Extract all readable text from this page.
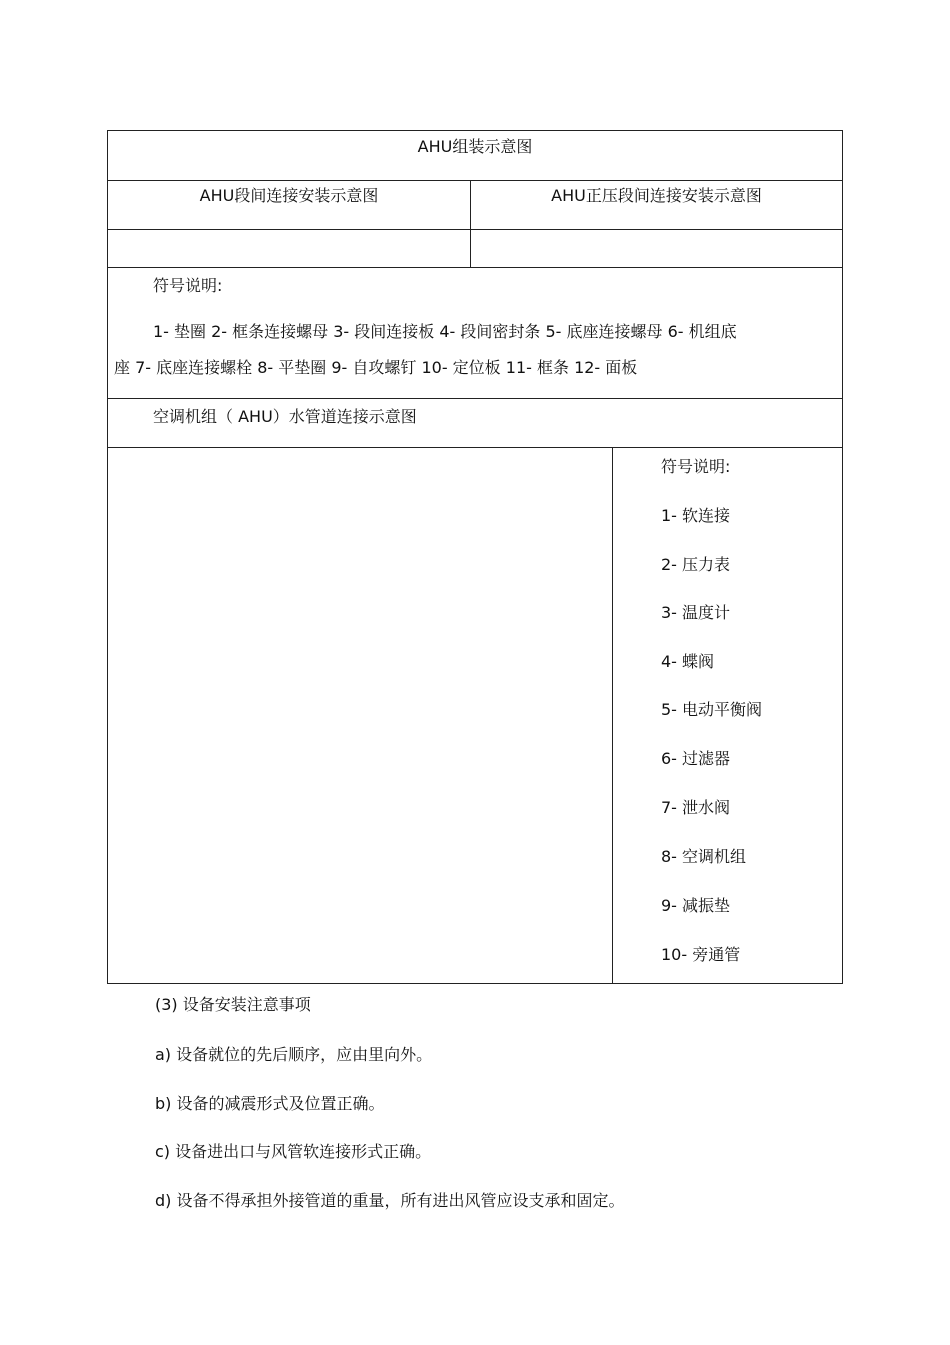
AHU组装示意图
AHU段间连接安装示意图	AHU正压段间连接安装示意图
符号说明:
1- 垫圈 2- 框条连接螺母 3- 段间连接板 4- 段间密封条 5- 底座连接螺母 6- 机组底
座 7- 底座连接螺栓 8- 平垫圈 9- 自攻螺钉 10- 定位板 11- 框条 12- 面板
空调机组（ AHU）水管道连接示意图
符号说明:
1- 软连接
2- 压力表
3- 温度计
4- 蝶阀
5- 电动平衡阀
6- 过滤器
7- 泄水阀
8- 空调机组
9- 减振垫
10- 旁通管
(3) 设备安装注意事项
a) 设备就位的先后顺序，应由里向外。
b) 设备的减震形式及位置正确。
c) 设备进出口与风管软连接形式正确。
d) 设备不得承担外接管道的重量，所有进出风管应设支承和固定。
